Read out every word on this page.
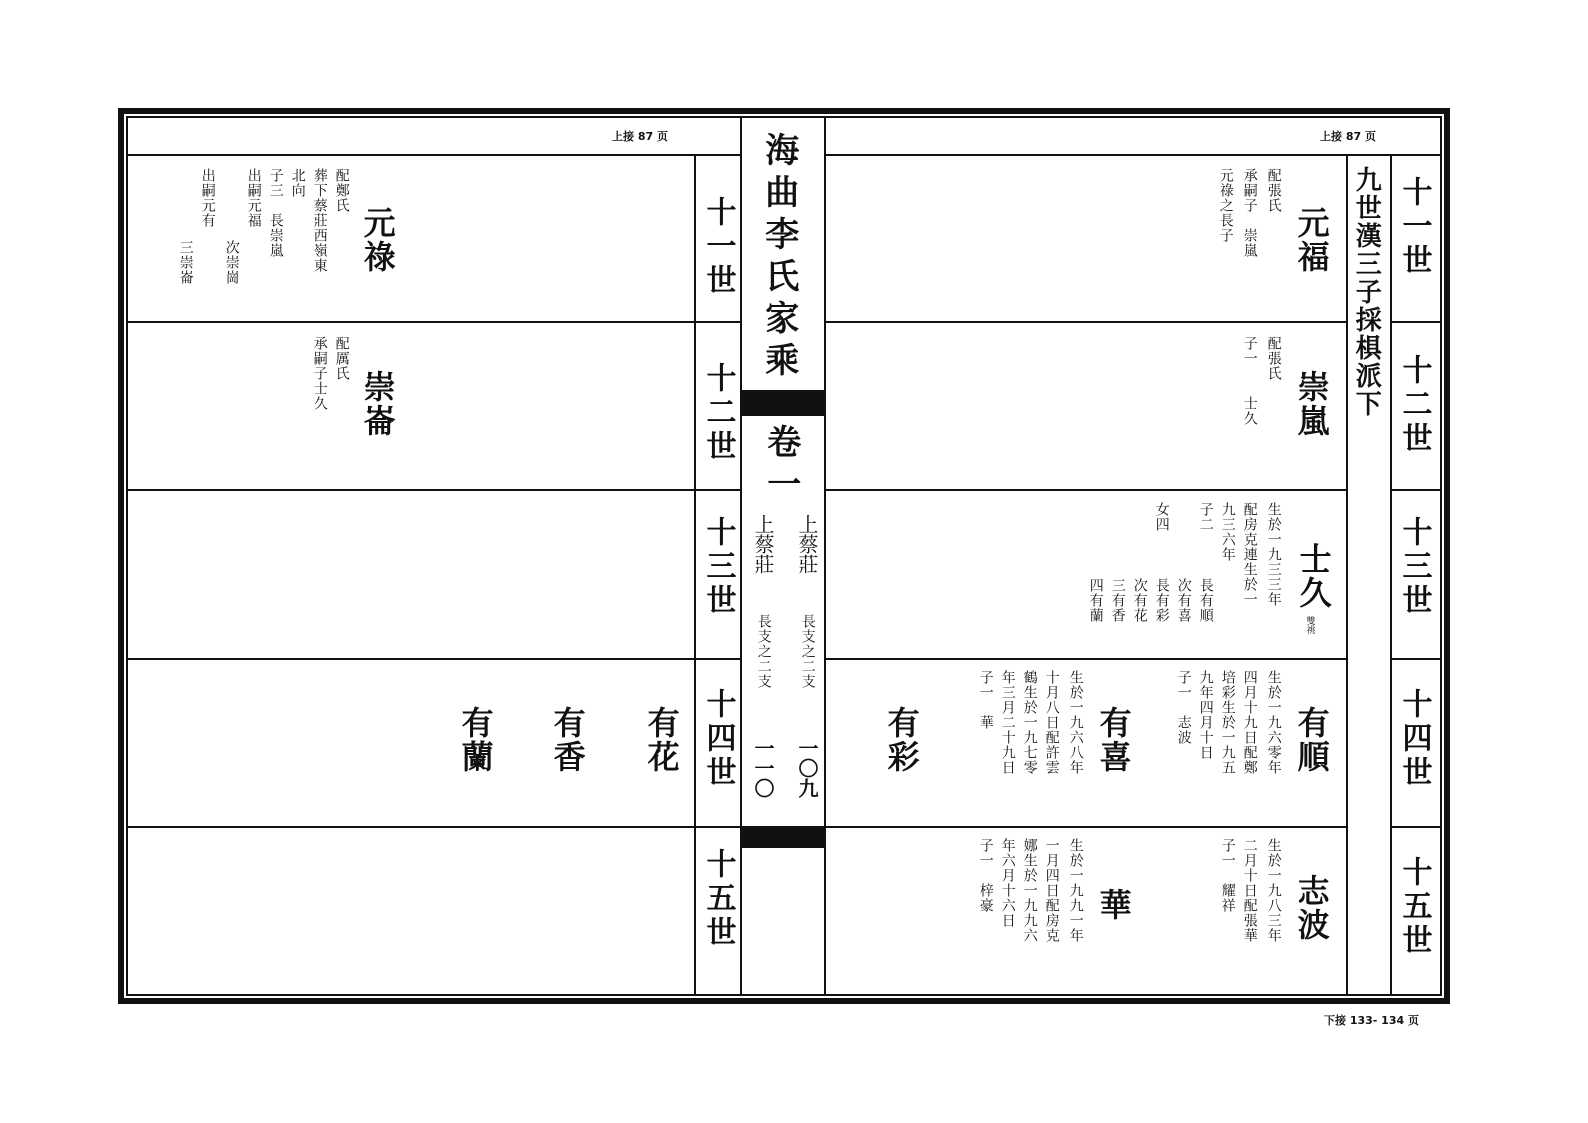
上接 87 页	上接 87 页
下接 133- 134 页
海曲李氏家乘
卷一
上蔡莊
上蔡莊
長支之二支
長支之二支
一〇九
一一〇
十一世
十二世
十三世
十四世
十五世
十一世
十二世
十三世
十四世
十五世
九世漢三子採椇派下
元福
配張氏
承嗣子　崇嵐
元祿之長子
崇嵐
配張氏
子一　　士久
士久
雙祧
生於一九三三年
配房克連生於一
九三六年
子二
長有順
次有喜
長有彩
次有花
三有香
四有蘭
女四
有順
生於一九六零年
四月十九日配鄭
培彩生於一九五
九年四月十日
子一　志波
有喜
生於一九六八年
十月八日配許雲
鶴生於一九七零
年三月二十九日
子一　華
有彩
志波
生於一九八三年
二月十日配張華
子一　耀祥
華
生於一九九一年
一月四日配房克
娜生於一九九六
年六月十六日
子一　梓豪
元祿
配鄭氏
葬下蔡莊西嶺東
北向
子三　長崇嵐
出嗣元福
次崇崗
出嗣元有
三崇崙
崇崙
配厲氏
承嗣子士久
有花
有香
有蘭
